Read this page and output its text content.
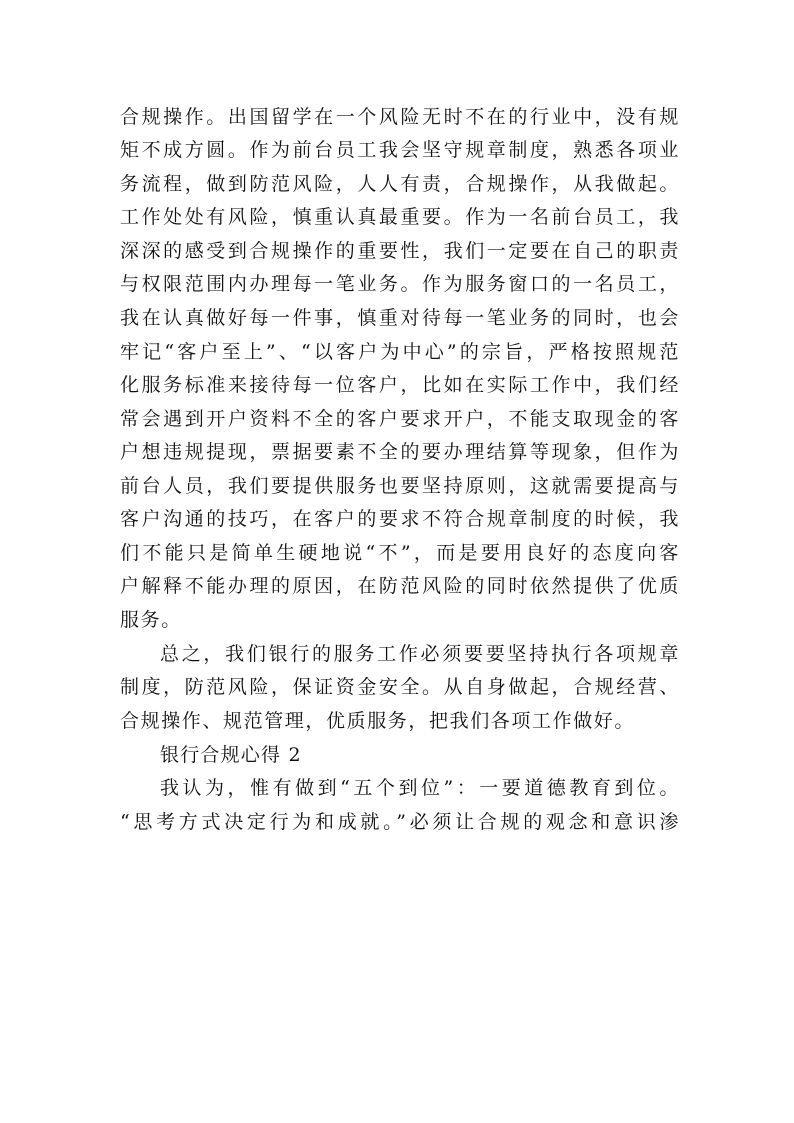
合规操作。出国留学在一个风险无时不在的行业中，没有规
矩不成方圆。作为前台员工我会坚守规章制度，熟悉各项业
务流程，做到防范风险，人人有责，合规操作，从我做起。
工作处处有风险，慎重认真最重要。作为一名前台员工，我
深深的感受到合规操作的重要性，我们一定要在自己的职责
与权限范围内办理每一笔业务。作为服务窗口的一名员工，
我在认真做好每一件事，慎重对待每一笔业务的同时，也会
牢记“客户至上”、“以客户为中心”的宗旨，严格按照规范
化服务标准来接待每一位客户，比如在实际工作中，我们经
常会遇到开户资料不全的客户要求开户，不能支取现金的客
户想违规提现，票据要素不全的要办理结算等现象，但作为
前台人员，我们要提供服务也要坚持原则，这就需要提高与
客户沟通的技巧，在客户的要求不符合规章制度的时候，我
们不能只是简单生硬地说“不”，而是要用良好的态度向客
户解释不能办理的原因，在防范风险的同时依然提供了优质
服务。
总之，我们银行的服务工作必须要要坚持执行各项规章
制度，防范风险，保证资金安全。从自身做起，合规经营、
合规操作、规范管理，优质服务，把我们各项工作做好。
银行合规心得 2
我认为，惟有做到“五个到位”：一要道德教育到位。
“思考方式决定行为和成就。”必须让合规的观念和意识渗
